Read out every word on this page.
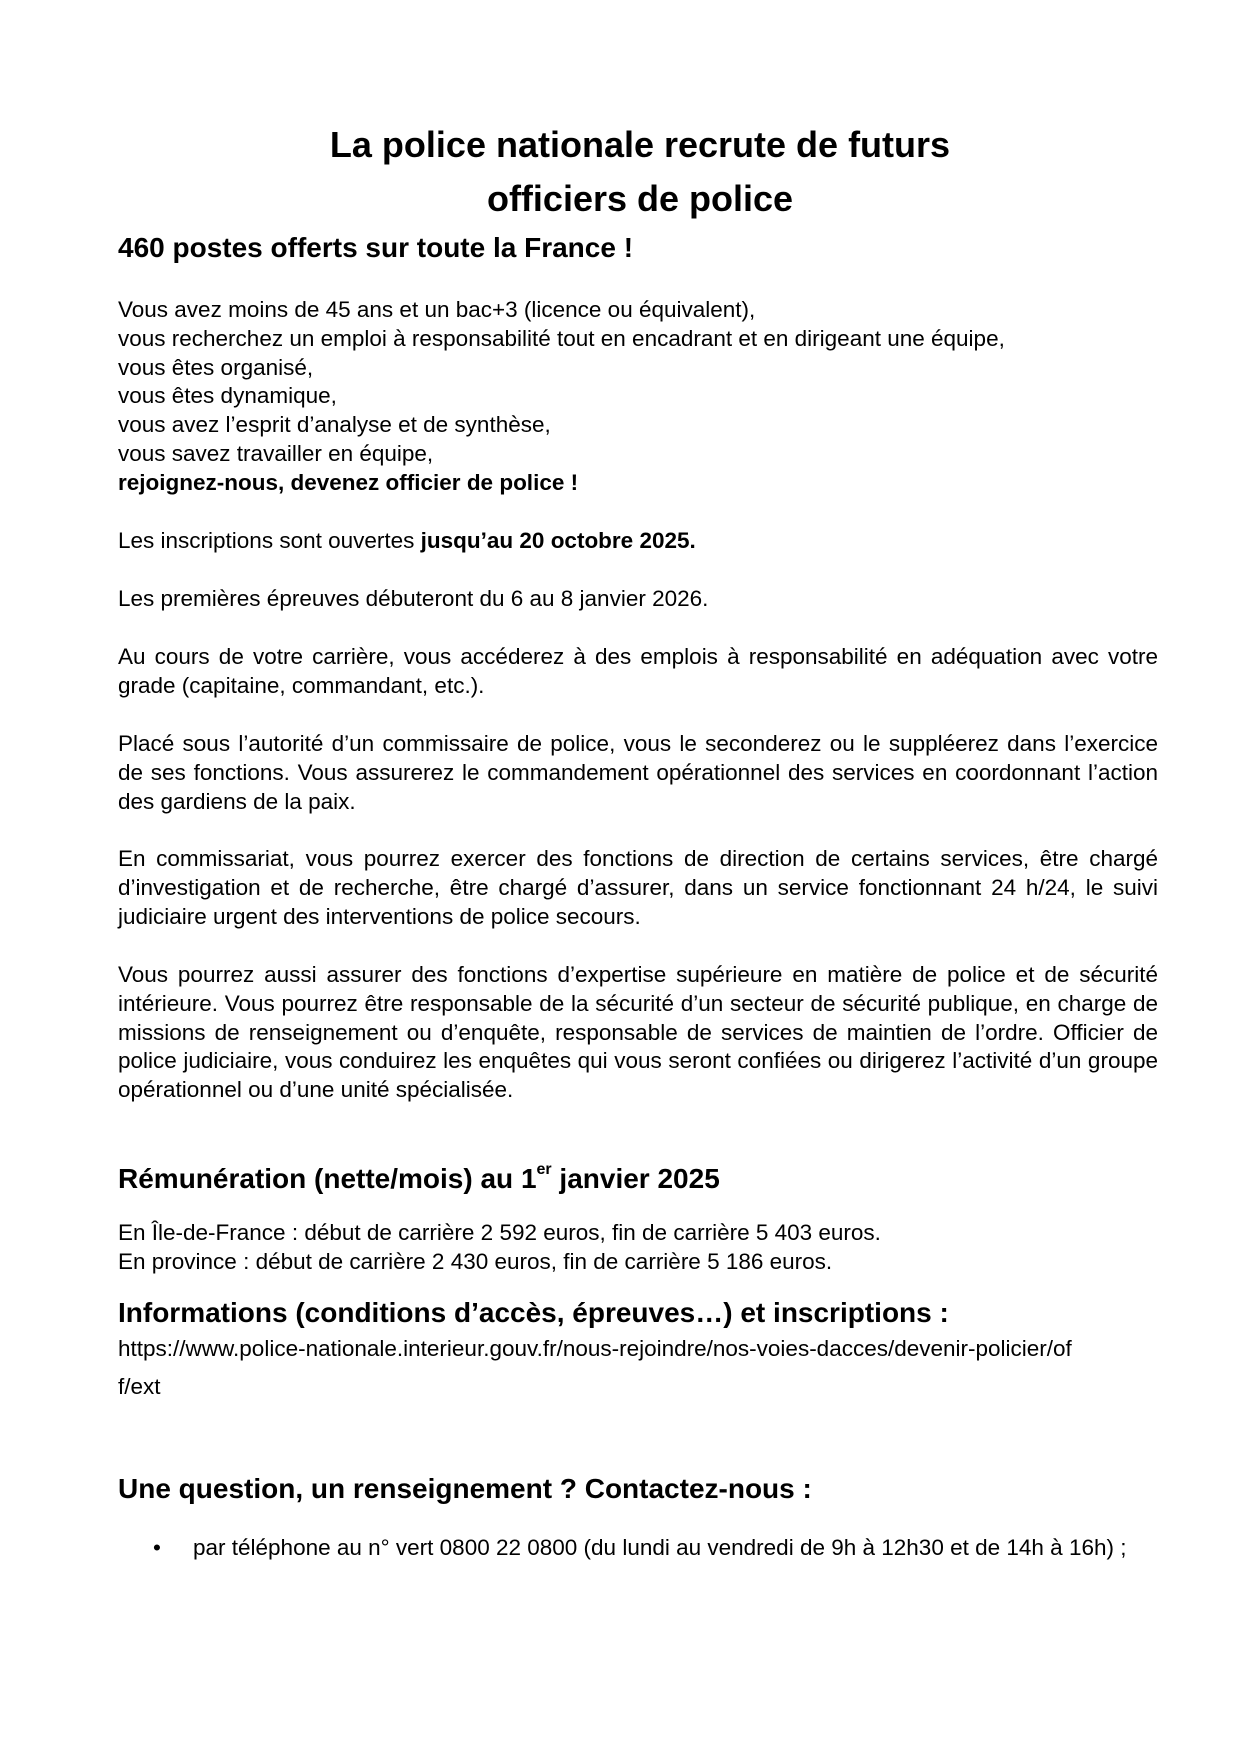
La police nationale recrute de futurs
officiers de police

460 postes offerts sur toute la France !

Vous avez moins de 45 ans et un bac+3 (licence ou équivalent),
vous recherchez un emploi à responsabilité tout en encadrant et en dirigeant une équipe,
vous êtes organisé,
vous êtes dynamique,
vous avez l’esprit d’analyse et de synthèse,
vous savez travailler en équipe,
rejoignez-nous, devenez officier de police !

Les inscriptions sont ouvertes jusqu’au 20 octobre 2025.

Les premières épreuves débuteront du 6 au 8 janvier 2026.

Au cours de votre carrière, vous accéderez à des emplois à responsabilité en adéquation avec votre grade (capitaine, commandant, etc.).

Placé sous l’autorité d’un commissaire de police, vous le seconderez ou le suppléerez dans l’exercice de ses fonctions. Vous assurerez le commandement opérationnel des services en coordonnant l’action des gardiens de la paix.

En commissariat, vous pourrez exercer des fonctions de direction de certains services, être chargé d’investigation et de recherche, être chargé d’assurer, dans un service fonctionnant 24 h/24, le suivi judiciaire urgent des interventions de police secours.

Vous pourrez aussi assurer des fonctions d’expertise supérieure en matière de police et de sécurité intérieure. Vous pourrez être responsable de la sécurité d’un secteur de sécurité publique, en charge de missions de renseignement ou d’enquête, responsable de services de maintien de l’ordre. Officier de police judiciaire, vous conduirez les enquêtes qui vous seront confiées ou dirigerez l’activité d’un groupe opérationnel ou d’une unité spécialisée.

Rémunération (nette/mois) au 1er janvier 2025
En Île-de-France : début de carrière 2 592 euros, fin de carrière 5 403 euros.
En province : début de carrière 2 430 euros, fin de carrière 5 186 euros.
Informations (conditions d’accès, épreuves…) et inscriptions :

https://www.police-nationale.interieur.gouv.fr/nous-rejoindre/nos-voies-dacces/devenir-policier/off/ext

Une question, un renseignement ? Contactez-nous :
• par téléphone au n° vert 0800 22 0800 (du lundi au vendredi de 9h à 12h30 et de 14h à 16h) ;
